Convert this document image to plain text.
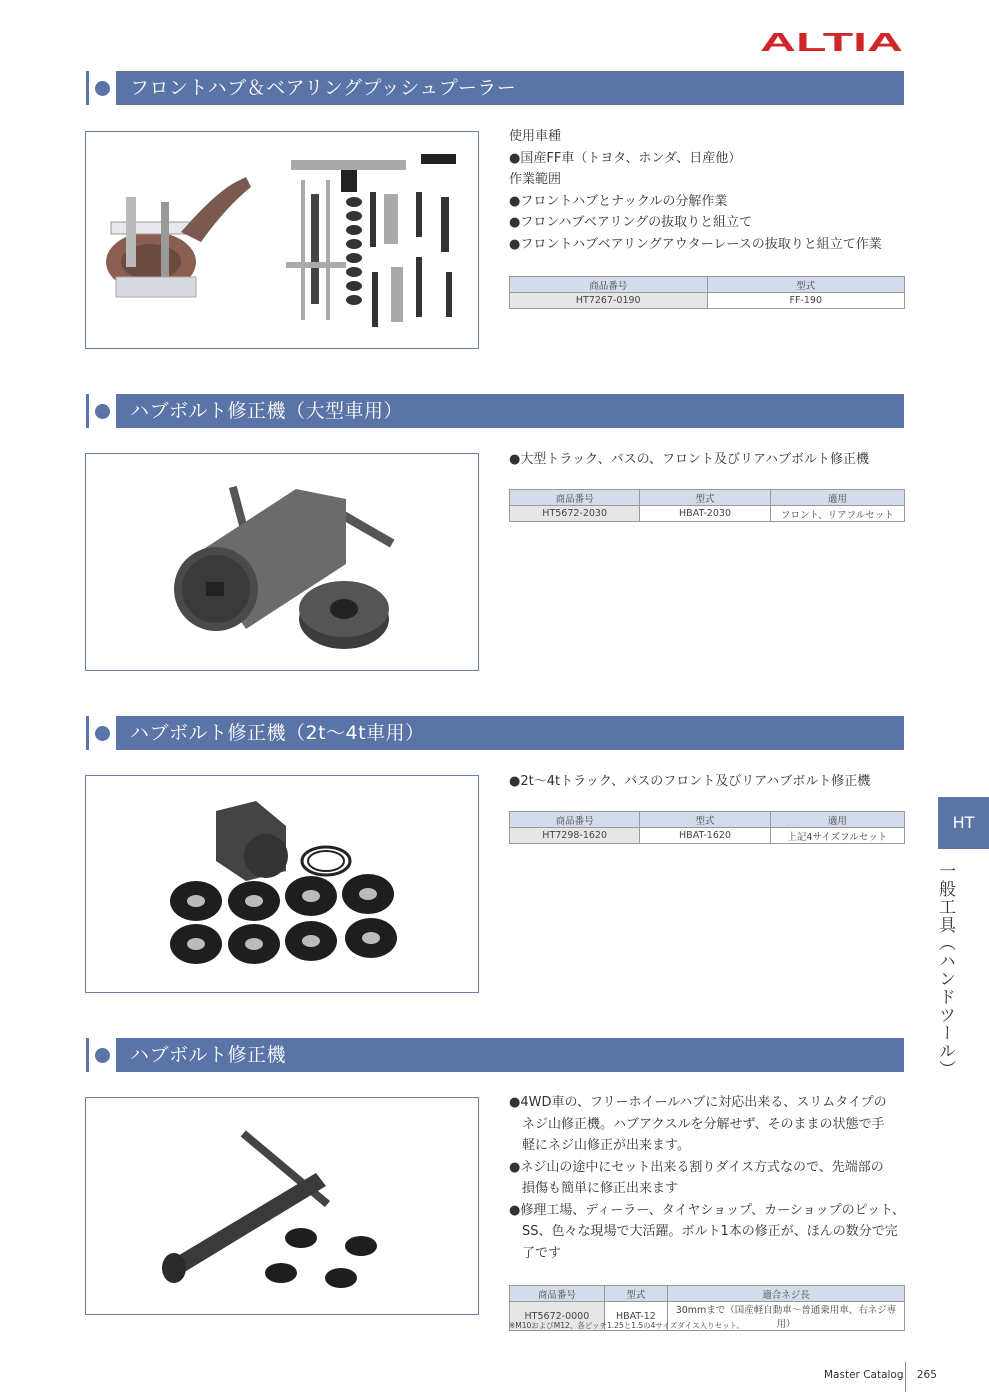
ALTIA
フロントハブ＆ベアリングプッシュプーラー

使用車種

●国産FF車（トヨタ、ホンダ、日産他）

作業範囲

●フロントハブとナックルの分解作業

●フロンハブベアリングの抜取りと組立て

●フロントハブベアリングアウターレースの抜取りと組立て作業

商品番号	型式
HT7267-0190	FF-190
ハブボルト修正機（大型車用）

●大型トラック、バスの、フロント及びリアハブボルト修正機

商品番号	型式	適用
HT5672-2030	HBAT-2030	フロント、リアフルセット
ハブボルト修正機（2t〜4t車用）

●2t〜4tトラック、バスのフロント及びリアハブボルト修正機

商品番号	型式	適用
HT7298-1620	HBAT-1620	上記4サイズフルセット
ハブボルト修正機

●4WD車の、フリーホイールハブに対応出来る、スリムタイプの

　ネジ山修正機。ハブアクスルを分解せず、そのままの状態で手

　軽にネジ山修正が出来ます。

●ネジ山の途中にセット出来る割りダイス方式なので、先端部の

　損傷も簡単に修正出来ます

●修理工場、ディーラー、タイヤショップ、カーショップのピット、

　SS、色々な現場で大活躍。ボルト1本の修正が、ほんの数分で完

　了です

商品番号	型式	適合ネジ長
HT5672-0000	HBAT-12	30mmまで（国産軽自動車〜普通乗用車、右ネジ専用）
※M10およびM12、各ピッチ1.25と1.5の4サイズダイス入りセット。
HT
一般工具（ハンドツール）
Master Catalog 265
